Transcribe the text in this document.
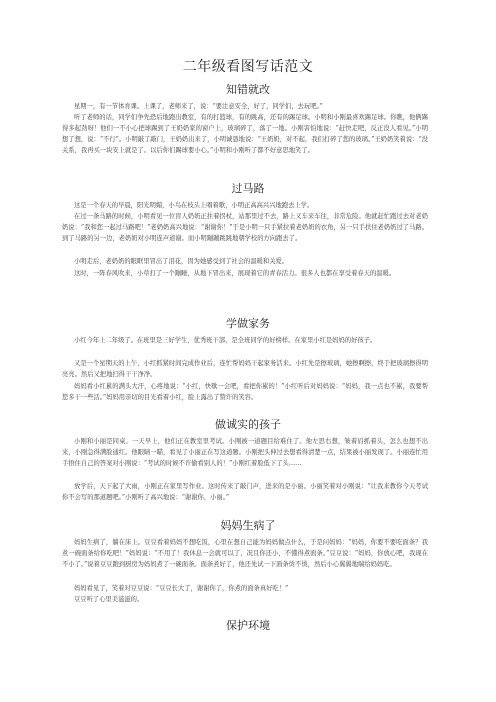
二年级看图写话范文
知错就改

星期一，有一节体育课。上课了，老师来了，说：“要注意安全，好了，同学们，去玩吧。”

听了老师的话，同学们争先恐后地跑出教室，有的打篮球，有的跳高，还有的踢足球。小明和小刚最喜欢踢足球。你瞧，他俩踢得多起劲呀！他们一不小心把球踢到了王奶奶家的窗户上，玻璃碎了，落了一地。小刚害怕地说：“赶快走吧，反正没人看见。”小明想了想，说：“不行”。小明敲了敲门，王奶奶出来了，小明诚恳地说：“王奶奶，对不起，我们打碎了您的玻璃。”王奶奶笑着说：“没关系，我再买一块安上就是了。以后你们踢球要小心。”小明和小刚听了都不好意思地笑了。

过马路

这是一个春天的早晨，阳光明媚，小鸟在枝头上唱着歌，小明正高高兴兴地跑去上学。

在过一条马路的时候，小明看见一位盲人奶奶正拄着拐杖，站那里过不去，路上又车来车往，非常危险。他就赶忙跑过去对老奶奶说：“我和您一起过马路吧！”老奶奶高兴地说：“谢谢你！”于是小明一只手紧拉着老奶奶的衣角，另一只手扶住老奶奶过了马路。到了马路的另一边，老奶奶对小明连声道谢。而小明蹦蹦跳跳地朝学校的方向跑去了。

小明走后，老奶奶的眼眶里冒出了泪花，因为她感受到了社会的温暖和关爱。

这时，一阵春风吹来，小草打了一个蹦睡，从地下冒出来，展现着它的青春活力。很多人也都在享受着春天的温暖。

学做家务

小红今年上二年级了。在班里是三好学生，优秀班干部，是全班同学的好榜样。在家里小红是妈妈的好孩子。

又是一个星期天的上午，小红抓紧时间完成作业后，连忙帮妈妈干起家务活来。小红先是擦玻璃，她擦啊擦，终于把玻璃擦得明亮亮。然后又把地扫得干干净净。

妈妈看小红累的满头大汗，心疼地说：“小红，快歇一会吧，看把你累的！”小红听后对妈妈说：“妈妈，我一点也不累，我要帮您多干一些活。”妈妈用亲切的目光看着小红，脸上露出了赞许的笑容。

做诚实的孩子

小刚和小丽是同桌。一天早上，他们正在教室里考试。小刚被一道题目给难住了。他左思右想，皱着眉抓着头，怎么也想不出来，小刚急得满脸通红。他眼睛一瞄，看见了小丽正在写这道题。小刚把头伸过去想看得清楚一点，结果被小丽发现了。小丽连忙用手捂住自己的答案对小刚说：“考试的时候不许偷看别人的！”小刚红着脸低下了头……

放学后，天下起了大雨，小刚正在家里写作业。这时传来了敲门声，进来的是小丽。小丽笑着对小刚说：“让我来教你今天考试你不会写的那道题吧。”小刚听了高兴地说：“谢谢你，小丽。”

妈妈生病了

妈妈生病了，躺在床上。豆豆看着妈妈不想吃饭，心里在想自己能为妈妈做点什么，于是问妈妈：“妈妈，你要不要吃面条？我煮一碗面条给你吃吧！”妈妈说：“不用了！我休息一会就可以了，况且你还小，不懂得煮面条。”豆豆说：“妈妈，你放心吧，我现在不小了。”说着豆豆跑到厨房为妈妈煮了一碗面条。面条煮好了，他还先试一下面条烫不烫，然后小心翼翼地端给妈妈吃。

妈妈看见了，笑着对豆豆说：“豆豆长大了，谢谢你了，你煮的面条真好吃！”

豆豆听了心里美滋滋的。

保护环境
